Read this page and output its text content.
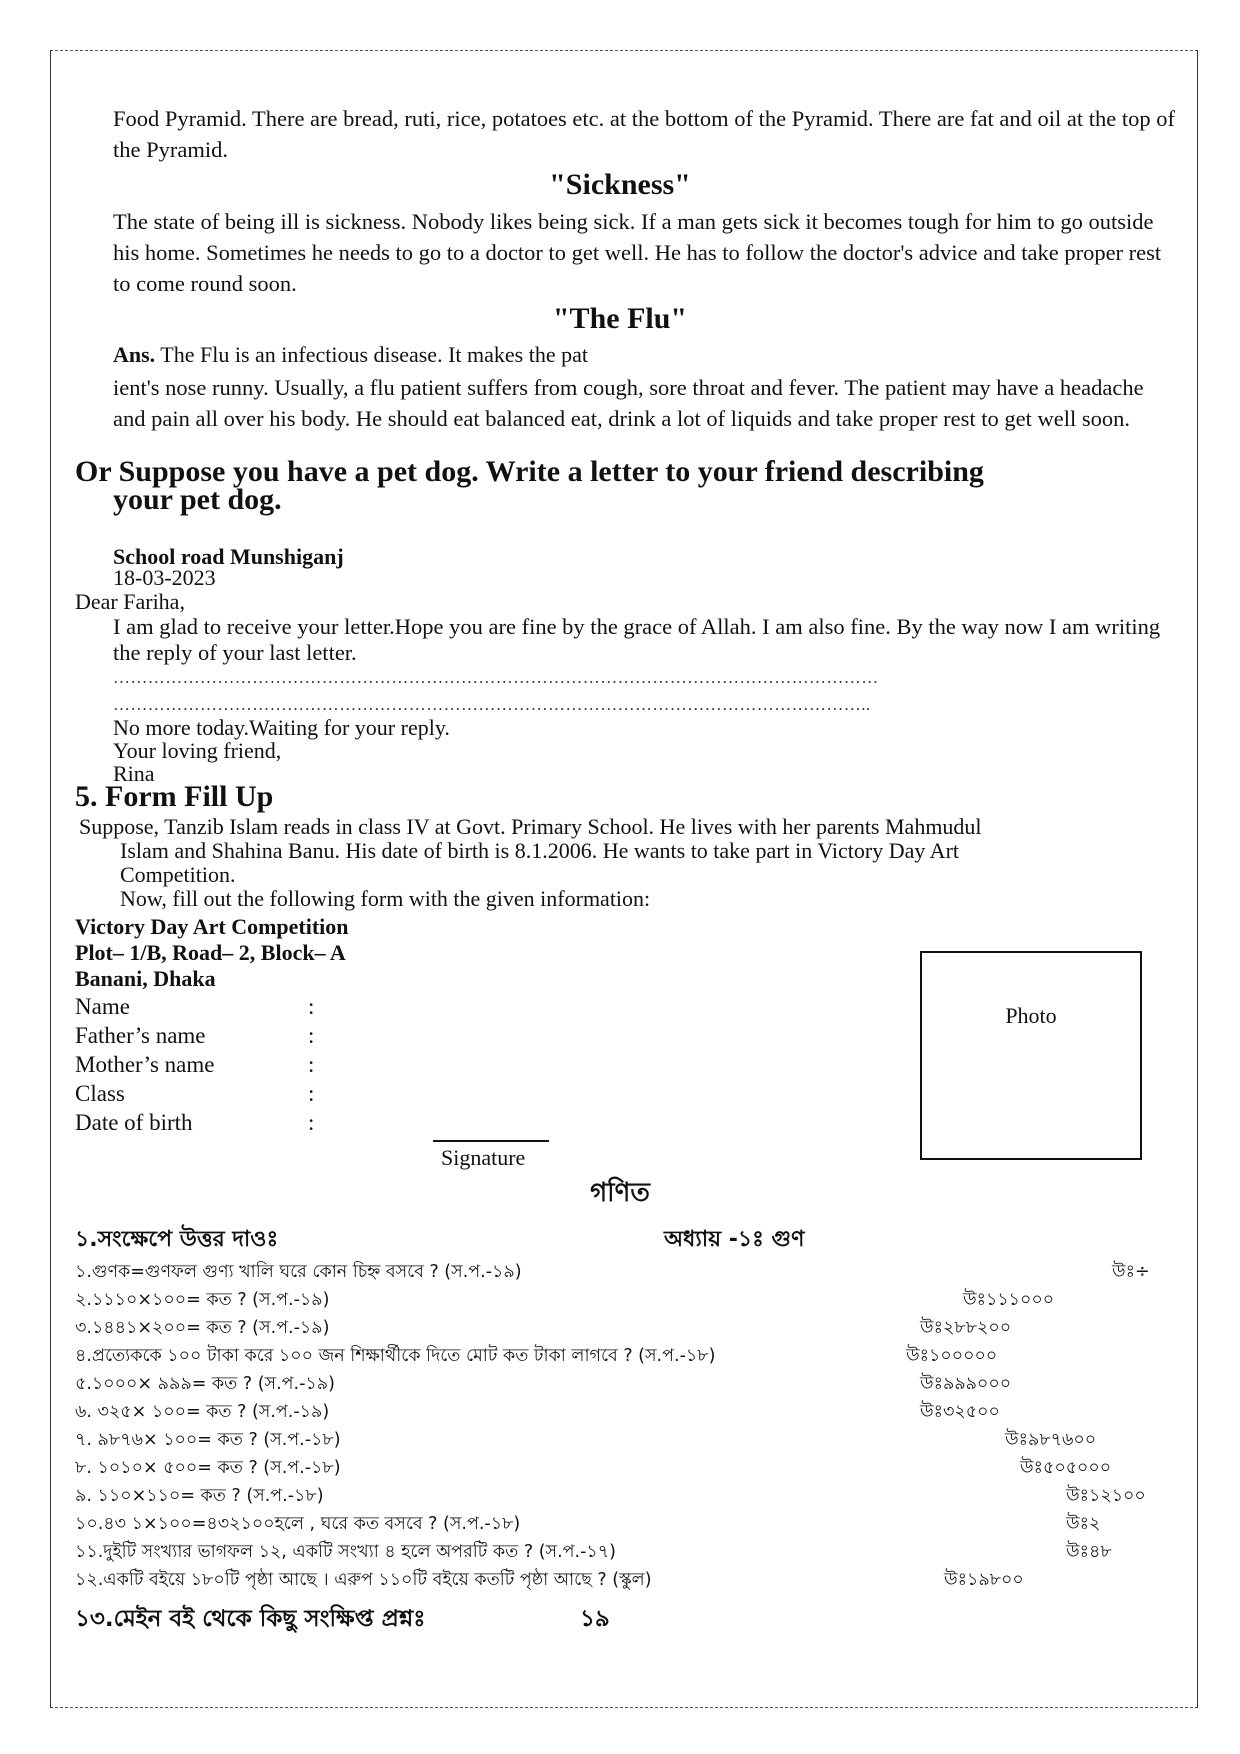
Food Pyramid. There are bread, ruti, rice, potatoes etc. at the bottom of the Pyramid. There are fat and oil at the top of the Pyramid.
"Sickness"
The state of being ill is sickness. Nobody likes being sick. If a man gets sick it becomes tough for him to go outside his home. Sometimes he needs to go to a doctor to get well. He has to follow the doctor's advice and take proper rest to come round soon.
"The Flu"
Ans. The Flu is an infectious disease. It makes the pat
ient's nose runny. Usually, a flu patient suffers from cough, sore throat and fever. The patient may have a headache and pain all over his body. He should eat balanced eat, drink a lot of liquids and take proper rest to get well soon.
Or Suppose you have a pet dog. Write a letter to your friend describing
your pet dog.
School road Munshiganj
18-03-2023
Dear Fariha,
I am glad to receive your letter.Hope you are fine by the grace of Allah. I am also fine. By the way now I am writing the reply of your last letter.
……………………………………………………………………………………………………………………
…………………………………………………………………………………………………………………..
No more today.Waiting for your reply.
Your loving friend,
Rina
5. Form Fill Up
Suppose, Tanzib Islam reads in class IV at Govt. Primary School. He lives with her parents Mahmudul
Islam and Shahina Banu. His date of birth is 8.1.2006. He wants to take part in Victory Day Art
Competition.
Now, fill out the following form with the given information:
Victory Day Art Competition
Plot– 1/B, Road– 2, Block– A
Banani, Dhaka
Name	:
Father’s name	:
Mother’s name	:
Class	:
Date of birth	:
Photo
Signature
গণিত
১.সংক্ষেপে উত্তর দাওঃ	অধ্যায় -১ঃ গুণ
১.গুণক=গুণফল গুণ্য খালি ঘরে কোন চিহ্ন বসবে ? (স.প.-১৯)	উঃ÷
২.১১১০×১০০= কত ? (স.প.-১৯)	উঃ১১১০০০
৩.১৪৪১×২০০= কত ? (স.প.-১৯)	উঃ২৮৮২০০
৪.প্রত্যেককে ১০০ টাকা করে ১০০ জন শিক্ষার্থীকে দিতে মোট কত টাকা লাগবে ? (স.প.-১৮)	উঃ১০০০০০
৫.১০০০× ৯৯৯= কত ? (স.প.-১৯)	উঃ৯৯৯০০০
৬. ৩২৫× ১০০= কত ? (স.প.-১৯)	উঃ৩২৫০০
৭. ৯৮৭৬× ১০০= কত ? (স.প.-১৮)	উঃ৯৮৭৬০০
৮. ১০১০× ৫০০= কত ? (স.প.-১৮)	উঃ৫০৫০০০
৯. ১১০×১১০= কত ? (স.প.-১৮)	উঃ১২১০০
১০.৪৩ ১×১০০=৪৩২১০০হলে , ঘরে কত বসবে ? (স.প.-১৮)	উঃ২
১১.দুইটি সংখ্যার ভাগফল ১২, একটি সংখ্যা ৪ হলে অপরটি কত ? (স.প.-১৭)	উঃ৪৮
১২.একটি বইয়ে ১৮০টি পৃষ্ঠা আছে । এরুপ ১১০টি বইয়ে কতটি পৃষ্ঠা আছে ? (স্কুল)	উঃ১৯৮০০
১৩.মেইন বই থেকে কিছু সংক্ষিপ্ত প্রশ্নঃ	১৯
